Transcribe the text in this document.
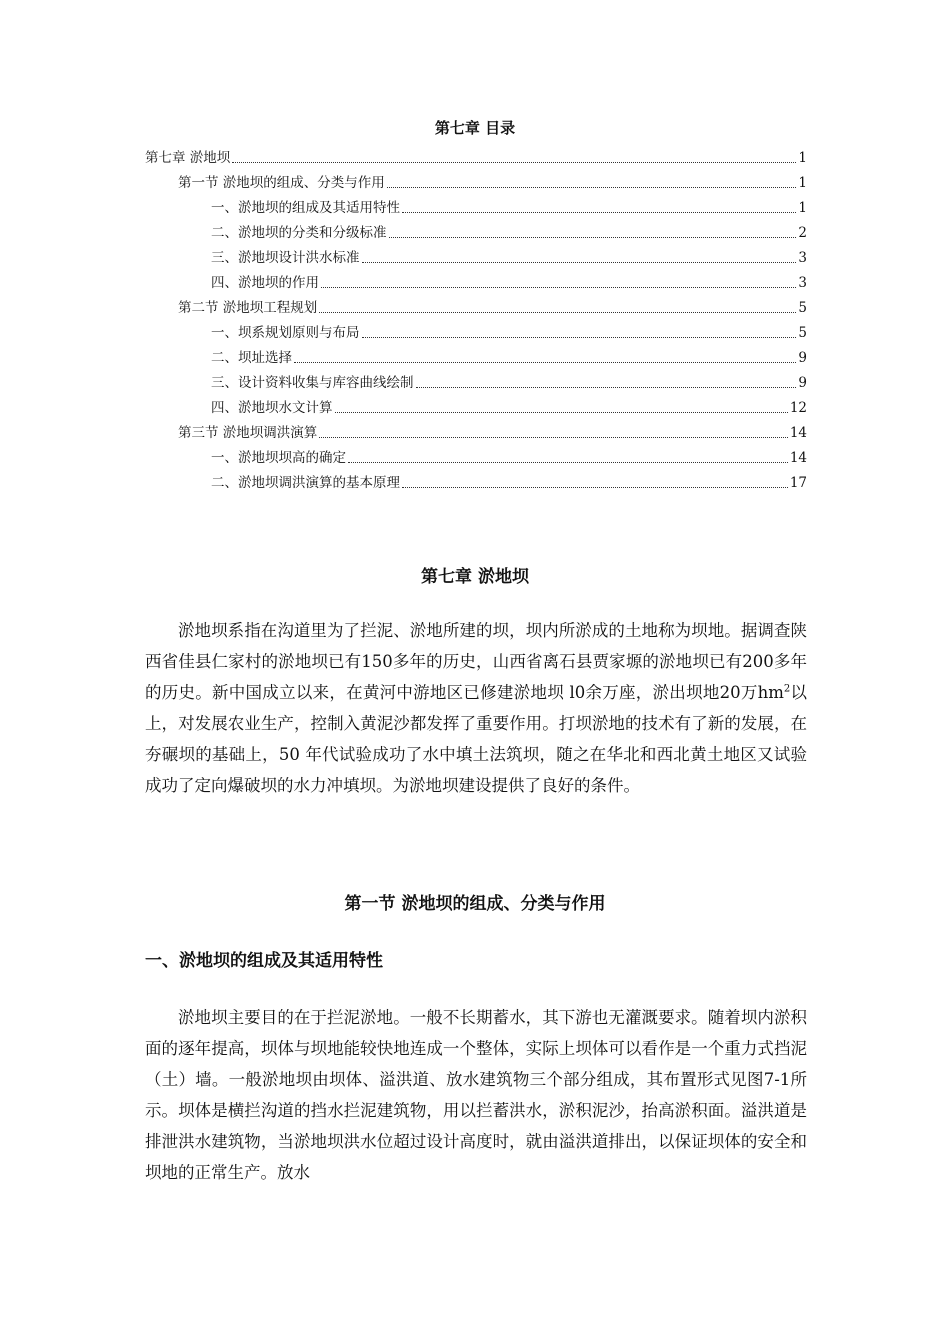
第七章 目录
第七章 淤地坝	1
第一节 淤地坝的组成、分类与作用	1
一、淤地坝的组成及其适用特性	1
二、淤地坝的分类和分级标准	2
三、淤地坝设计洪水标准	3
四、淤地坝的作用	3
第二节 淤地坝工程规划	5
一、坝系规划原则与布局	5
二、坝址选择	9
三、设计资料收集与库容曲线绘制	9
四、淤地坝水文计算	12
第三节 淤地坝调洪演算	14
一、淤地坝坝高的确定	14
二、淤地坝调洪演算的基本原理	17
第七章 淤地坝

淤地坝系指在沟道里为了拦泥、淤地所建的坝，坝内所淤成的土地称为坝地。据调查陕西省佳县仁家村的淤地坝已有150多年的历史，山西省离石县贾家塬的淤地坝已有200多年的历史。新中国成立以来，在黄河中游地区已修建淤地坝 l0余万座，淤出坝地20万$hm^2$以上，对发展农业生产，控制入黄泥沙都发挥了重要作用。打坝淤地的技术有了新的发展，在夯碾坝的基础上，50 年代试验成功了水中填土法筑坝，随之在华北和西北黄土地区又试验成功了定向爆破坝的水力冲填坝。为淤地坝建设提供了良好的条件。

第一节 淤地坝的组成、分类与作用
一、淤地坝的组成及其适用特性

淤地坝主要目的在于拦泥淤地。一般不长期蓄水，其下游也无灌溉要求。随着坝内淤积面的逐年提高，坝体与坝地能较快地连成一个整体，实际上坝体可以看作是一个重力式挡泥（土）墙。一般淤地坝由坝体、溢洪道、放水建筑物三个部分组成，其布置形式见图7-1所示。坝体是横拦沟道的挡水拦泥建筑物，用以拦蓄洪水，淤积泥沙，抬高淤积面。溢洪道是排泄洪水建筑物，当淤地坝洪水位超过设计高度时，就由溢洪道排出，以保证坝体的安全和坝地的正常生产。放水
